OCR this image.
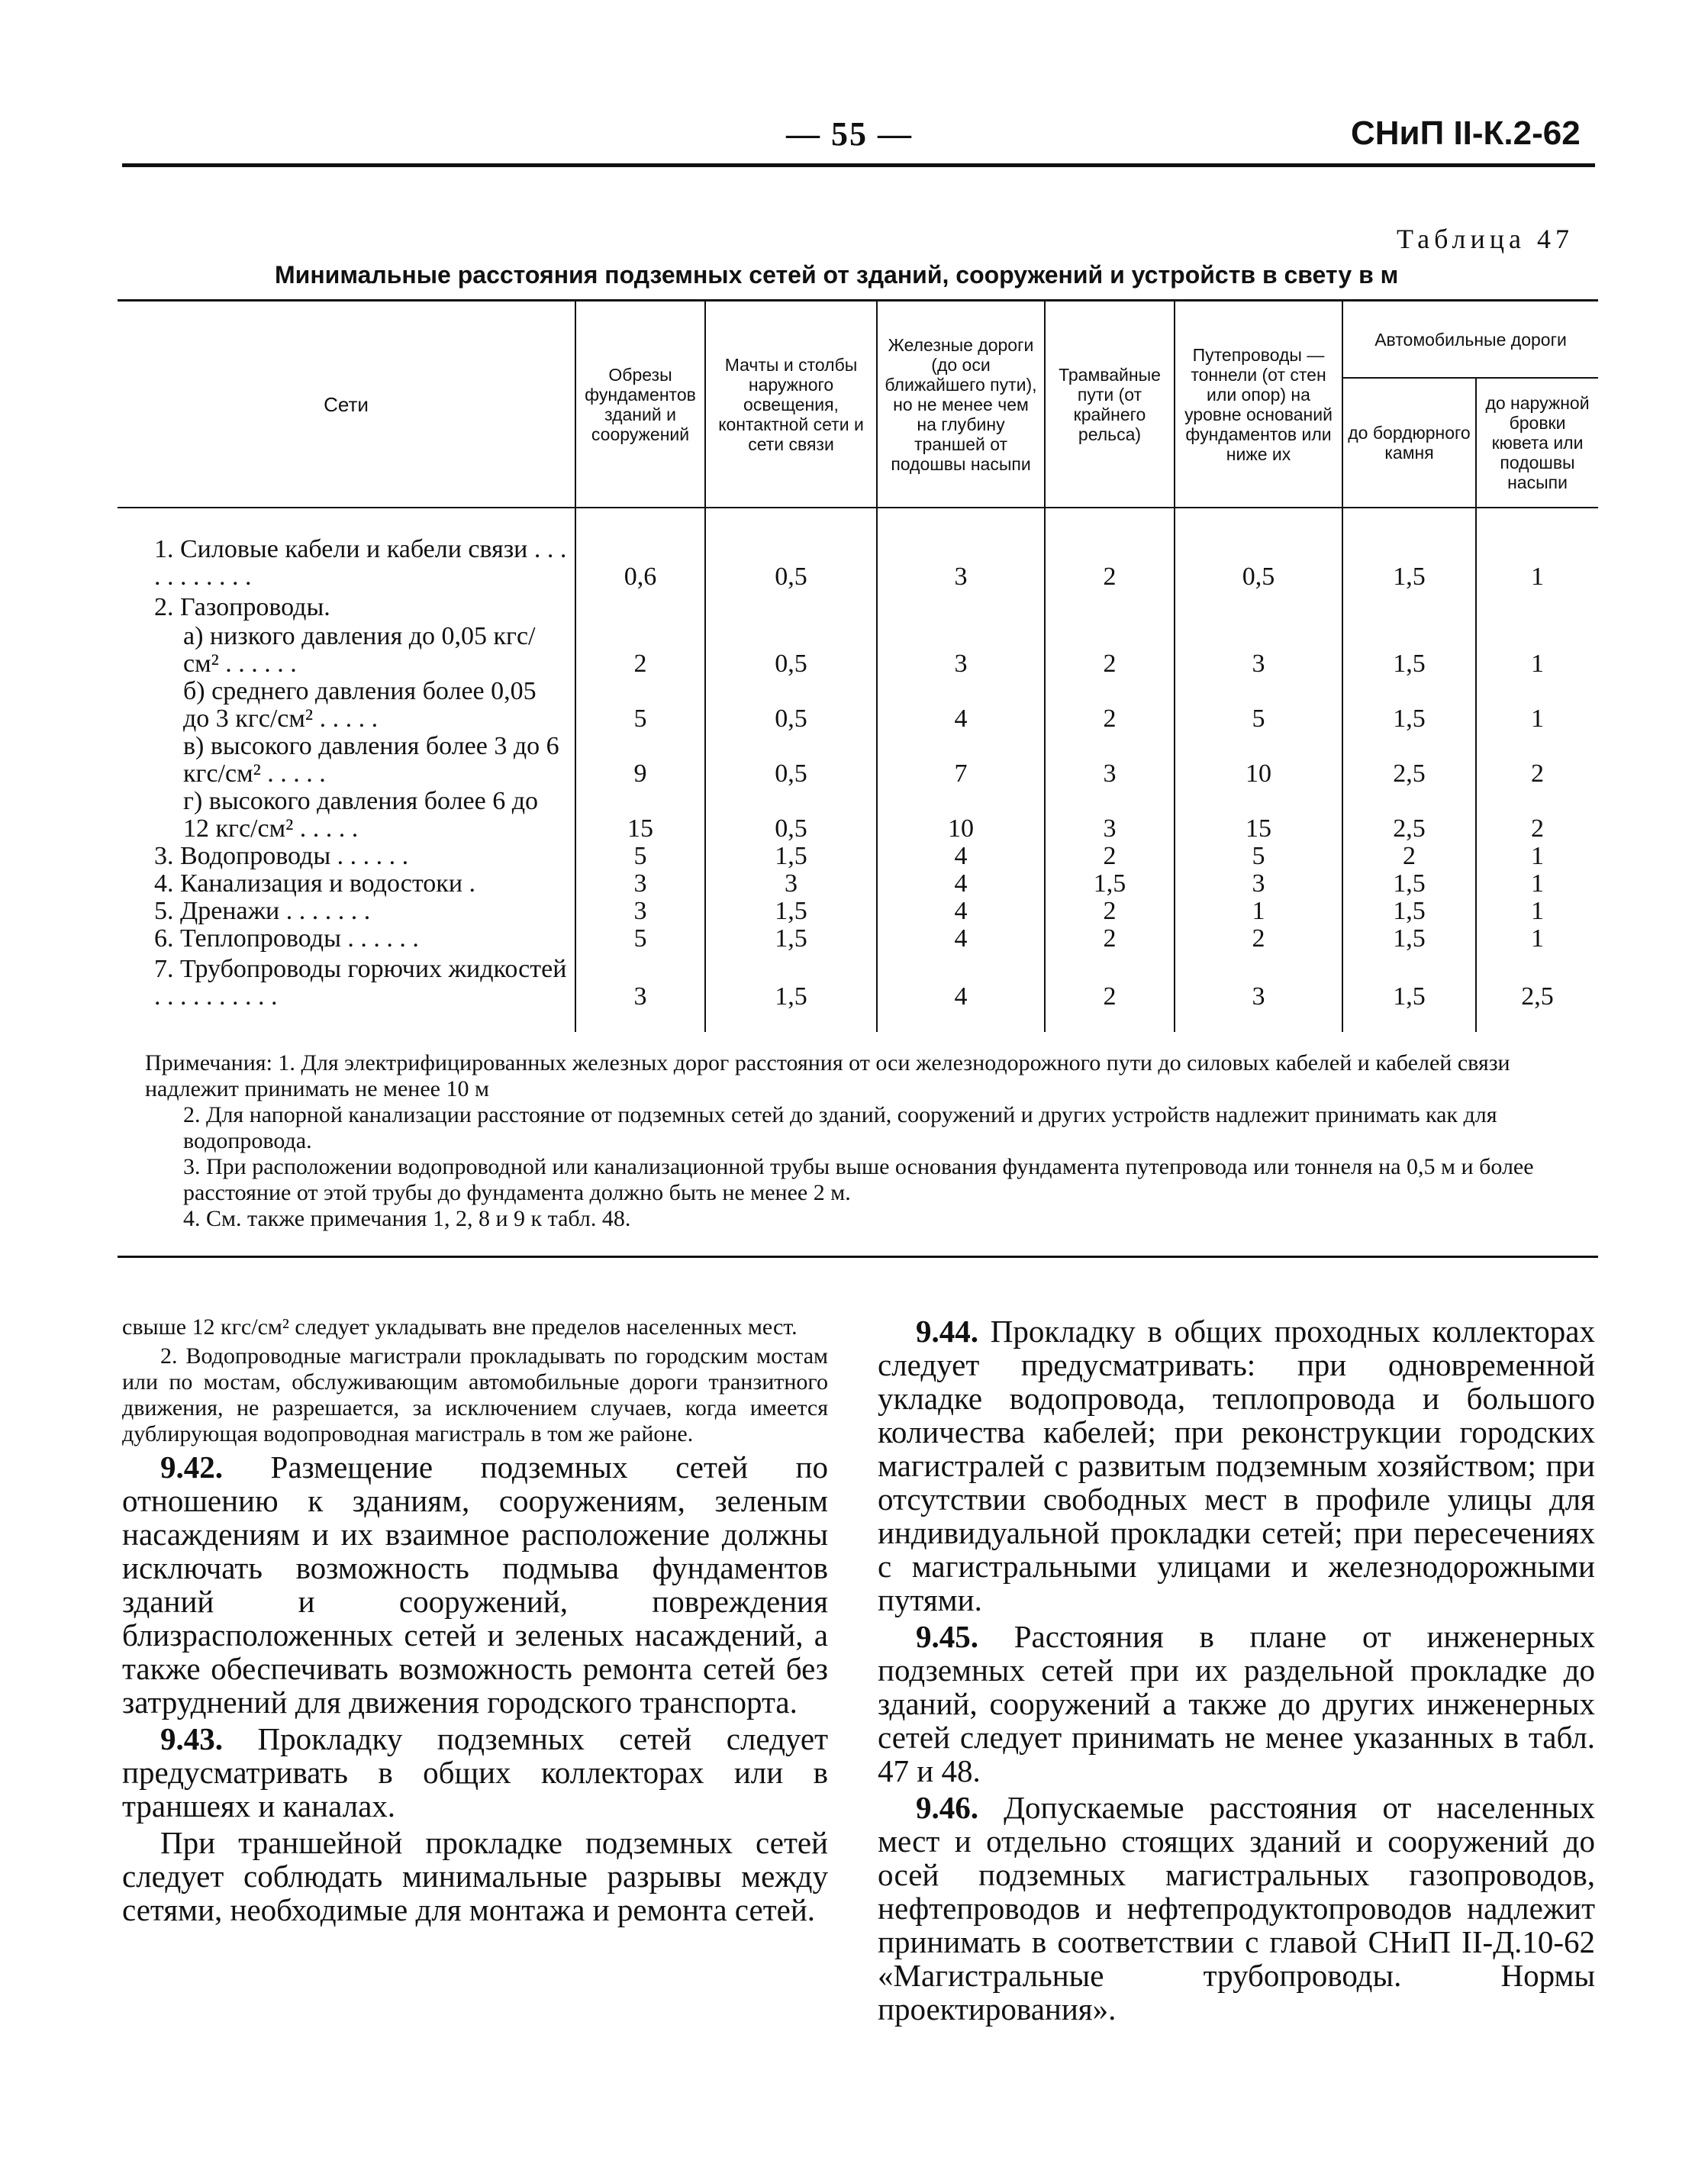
— 55 —	СНиП II-К.2-62
Таблица 47
Минимальные расстояния подземных сетей от зданий, сооружений и устройств в свету в м
Сети	Обрезы фундаментов зданий и сооружений	Мачты и столбы наружного освещения, контактной сети и сети связи	Железные дороги (до оси ближайшего пути), но не менее чем на глубину траншей от подошвы насыпи	Трамвайные пути (от крайнего рельса)	Путепроводы — тоннели (от стен или опор) на уровне оснований фундаментов или ниже их	Автомобильные дороги	
						до бордюрного камня	до наружной бровки кювета или подошвы насыпи

1. Силовые кабели и кабели связи . . . . . . . . . . .	0,6	0,5	3	2	0,5	1,5	1
2. Газопроводы.							
а) низкого давления до 0,05 кгс/см² . . . . . .	2	0,5	3	2	3	1,5	1
б) среднего давления более 0,05 до 3 кгс/см² . . . . .	5	0,5	4	2	5	1,5	1
в) высокого давления более 3 до 6 кгс/см² . . . . .	9	0,5	7	3	10	2,5	2
г) высокого давления более 6 до 12 кгс/см² . . . . .	15	0,5	10	3	15	2,5	2
3. Водопроводы . . . . . .	5	1,5	4	2	5	2	1
4. Канализация и водостоки .	3	3	4	1,5	3	1,5	1
5. Дренажи . . . . . . .	3	1,5	4	2	1	1,5	1
6. Теплопроводы . . . . . .	5	1,5	4	2	2	1,5	1
7. Трубопроводы горючих жидкостей . . . . . . . . . .	3	1,5	4	2	3	1,5	2,5

Примечания: 1. Для электрифицированных железных дорог расстояния от оси железнодорожного пути до силовых кабелей и кабелей связи надлежит принимать не менее 10 м

2. Для напорной канализации расстояние от подземных сетей до зданий, сооружений и других устройств надлежит принимать как для водопровода.

3. При расположении водопроводной или канализационной трубы выше основания фундамента путепровода или тоннеля на 0,5 м и более расстояние от этой трубы до фундамента должно быть не менее 2 м.

4. См. также примечания 1, 2, 8 и 9 к табл. 48.

свыше 12 кгс/см² следует укладывать вне пределов населенных мест.

2. Водопроводные магистрали прокладывать по городским мостам или по мостам, обслуживающим автомобильные дороги транзитного движения, не разрешается, за исключением случаев, когда имеется дублирующая водопроводная магистраль в том же районе.

9.42. Размещение подземных сетей по отношению к зданиям, сооружениям, зеленым насаждениям и их взаимное расположение должны исключать возможность подмыва фундаментов зданий и сооружений, повреждения близрасположенных сетей и зеленых насаждений, а также обеспечивать возможность ремонта сетей без затруднений для движения городского транспорта.

9.43. Прокладку подземных сетей следует предусматривать в общих коллекторах или в траншеях и каналах.

При траншейной прокладке подземных сетей следует соблюдать минимальные разрывы между сетями, необходимые для монтажа и ремонта сетей.

9.44. Прокладку в общих проходных коллекторах следует предусматривать: при одновременной укладке водопровода, теплопровода и большого количества кабелей; при реконструкции городских магистралей с развитым подземным хозяйством; при отсутствии свободных мест в профиле улицы для индивидуальной прокладки сетей; при пересечениях с магистральными улицами и железнодорожными путями.

9.45. Расстояния в плане от инженерных подземных сетей при их раздельной прокладке до зданий, сооружений а также до других инженерных сетей следует принимать не менее указанных в табл. 47 и 48.

9.46. Допускаемые расстояния от населенных мест и отдельно стоящих зданий и сооружений до осей подземных магистральных газопроводов, нефтепроводов и нефтепродуктопроводов надлежит принимать в соответствии с главой СНиП II-Д.10-62 «Магистральные трубопроводы. Нормы проектирования».
